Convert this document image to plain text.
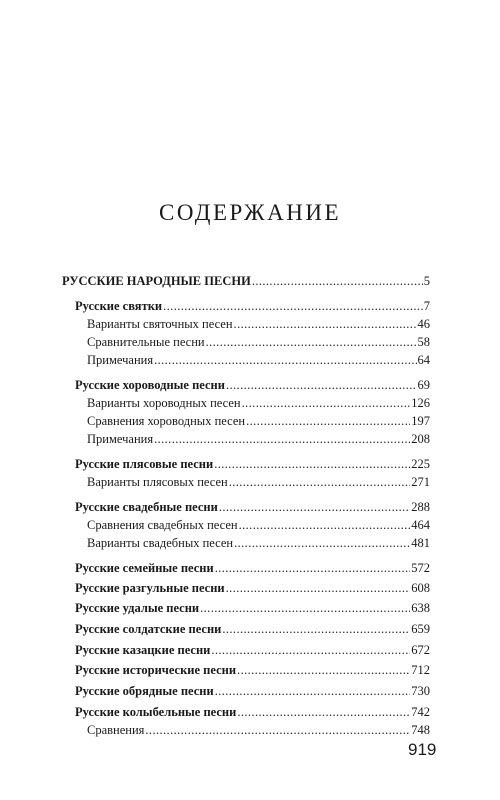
СОДЕРЖАНИЕ
РУССКИЕ НАРОДНЫЕ ПЕСНИ .....	5
Русские святки .....	7
Варианты святочных песен .....	46
Сравнительные песни .....	58
Примечания .....	64
Русские хороводные песни .....	69
Варианты хороводных песен .....	126
Сравнения хороводных песен .....	197
Примечания .....	208
Русские плясовые песни .....	225
Варианты плясовых песен .....	271
Русские свадебные песни .....	288
Сравнения свадебных песен .....	464
Варианты свадебных песен .....	481
Русские семейные песни .....	572
Русские разгульные песни .....	608
Русские удалые песни .....	638
Русские солдатские песни .....	659
Русские казацкие песни .....	672
Русские исторические песни .....	712
Русские обрядные песни .....	730
Русские колыбельные песни .....	742
Сравнения .....	748
919
